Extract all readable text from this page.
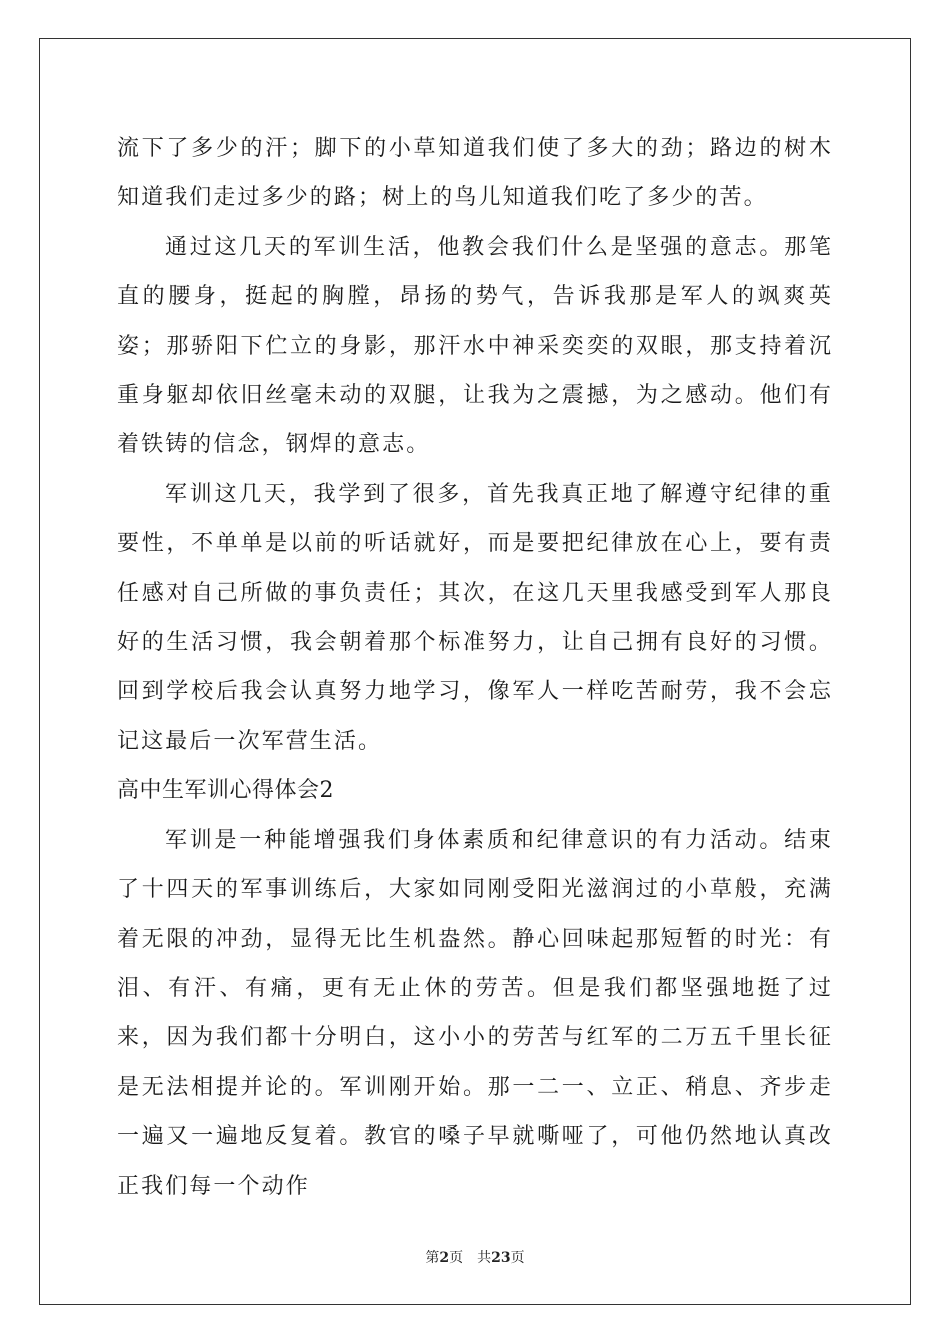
流下了多少的汗；脚下的小草知道我们使了多大的劲；路边的树木知道我们走过多少的路；树上的鸟儿知道我们吃了多少的苦。

通过这几天的军训生活，他教会我们什么是坚强的意志。那笔直的腰身，挺起的胸膛，昂扬的势气，告诉我那是军人的飒爽英姿；那骄阳下伫立的身影，那汗水中神采奕奕的双眼，那支持着沉重身躯却依旧丝毫未动的双腿，让我为之震撼，为之感动。他们有着铁铸的信念，钢焊的意志。

军训这几天，我学到了很多，首先我真正地了解遵守纪律的重要性，不单单是以前的听话就好，而是要把纪律放在心上，要有责任感对自己所做的事负责任；其次，在这几天里我感受到军人那良好的生活习惯，我会朝着那个标准努力，让自己拥有良好的习惯。回到学校后我会认真努力地学习，像军人一样吃苦耐劳，我不会忘记这最后一次军营生活。

高中生军训心得体会2

军训是一种能增强我们身体素质和纪律意识的有力活动。结束了十四天的军事训练后，大家如同刚受阳光滋润过的小草般，充满着无限的冲劲，显得无比生机盎然。静心回味起那短暂的时光：有泪、有汗、有痛，更有无止休的劳苦。但是我们都坚强地挺了过来，因为我们都十分明白，这小小的劳苦与红军的二万五千里长征是无法相提并论的。军训刚开始。那一二一、立正、稍息、齐步走一遍又一遍地反复着。教官的嗓子早就嘶哑了，可他仍然地认真改正我们每一个动作

第2页 共23页
